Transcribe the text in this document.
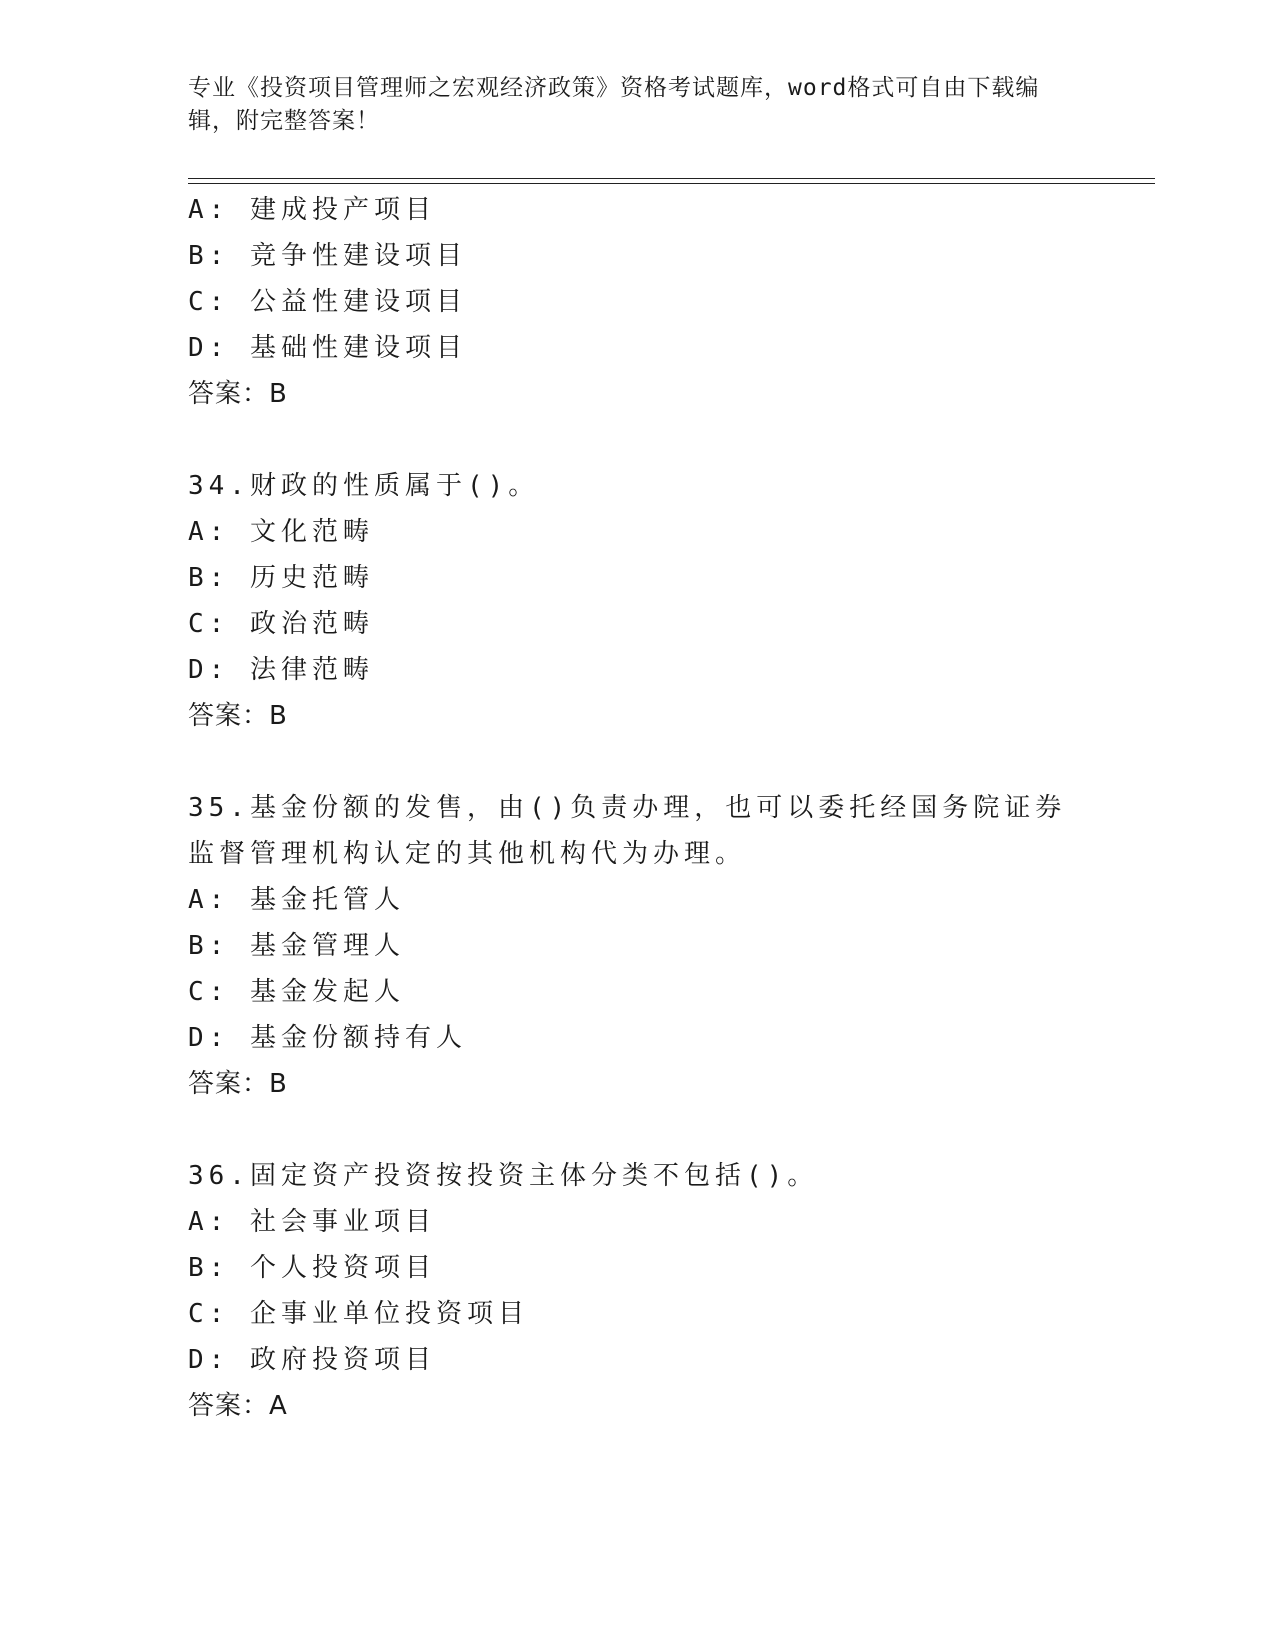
专业《投资项目管理师之宏观经济政策》资格考试题库，word格式可自由下载编辑，附完整答案！
A: 建成投产项目
B: 竞争性建设项目
C: 公益性建设项目
D: 基础性建设项目
答案：B
34.财政的性质属于()。
A: 文化范畴
B: 历史范畴
C: 政治范畴
D: 法律范畴
答案：B
35.基金份额的发售，由()负责办理，也可以委托经国务院证券监督管理机构认定的其他机构代为办理。
A: 基金托管人
B: 基金管理人
C: 基金发起人
D: 基金份额持有人
答案：B
36.固定资产投资按投资主体分类不包括()。
A: 社会事业项目
B: 个人投资项目
C: 企事业单位投资项目
D: 政府投资项目
答案：A
